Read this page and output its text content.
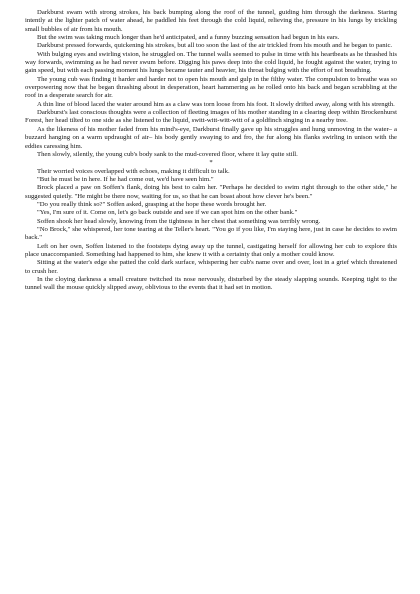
Darkburst swam with strong strokes, his back bumping along the roof of the tunnel, guiding him through the darkness. Staring intently at the lighter patch of water ahead, he paddled his feet through the cold liquid, relieving the, pressure in his lungs by trickling small bubbles of air from his mouth.

But the swim was taking much longer than he'd anticipated, and a funny buzzing sensation had begun in his ears.

Darkburst pressed forwards, quickening his strokes, but all too soon the last of the air trickled from his mouth and he began to panic.

With bulging eyes and swirling vision, he struggled on. The tunnel walls seemed to pulse in time with his heartbeats as he thrashed his way forwards, swimming as he had never swum before. Digging his paws deep into the cold liquid, he fought against the water, trying to gain speed, but with each passing moment his lungs became tauter and heavier, his throat bulging with the effort of not breathing.

The young cub was finding it harder and harder not to open his mouth and gulp in the filthy water. The compulsion to breathe was so overpowering now that he began thrashing about in desperation, heart hammering as he rolled onto his back and began scrabbling at the roof in a desperate search for air.

A thin line of blood laced the water around him as a claw was torn loose from his foot. It slowly drifted away, along with his strength.

Darkburst's last conscious thoughts were a collection of fleeting images of his mother standing in a clearing deep within Brockenhurst Forest, her head tilted to one side as she listened to the liquid, switt-witt-witt-witt of a goldfinch singing in a nearby tree.

As the likeness of his mother faded from his mind's-eye, Darkburst finally gave up his struggles and hung unmoving in the water– a buzzard hanging on a warm updraught of air– his body gently swaying to and fro, the fur along his flanks swirling in unison with the eddies caressing him.

Then slowly, silently, the young cub's body sank to the mud-covered floor, where it lay quite still.

*

Their worried voices overlapped with echoes, making it difficult to talk.

"But he must be in here. If he had come out, we'd have seen him."

Brock placed a paw on Soffen's flank, doing his best to calm her. "Perhaps he decided to swim right through to the other side," he suggested quietly. "He might be there now, waiting for us, so that he can boast about how clever he's been."

"Do you really think so?" Soffen asked, grasping at the hope these words brought her.

"Yes, I'm sure of it. Come on, let's go back outside and see if we can spot him on the other bank."

Soffen shook her head slowly, knowing from the tightness in her chest that something was terribly wrong.

"No Brock," she whispered, her tone tearing at the Teller's heart. "You go if you like, I'm staying here, just in case he decides to swim back."

Left on her own, Soffen listened to the footsteps dying away up the tunnel, castigating herself for allowing her cub to explore this place unaccompanied. Something had happened to him, she knew it with a certainty that only a mother could know.

Sitting at the water's edge she patted the cold dark surface, whispering her cub's name over and over, lost in a grief which threatened to crush her.

In the cloying darkness a small creature twitched its nose nervously, disturbed by the steady slapping sounds. Keeping tight to the tunnel wall the mouse quickly slipped away, oblivious to the events that it had set in motion.
